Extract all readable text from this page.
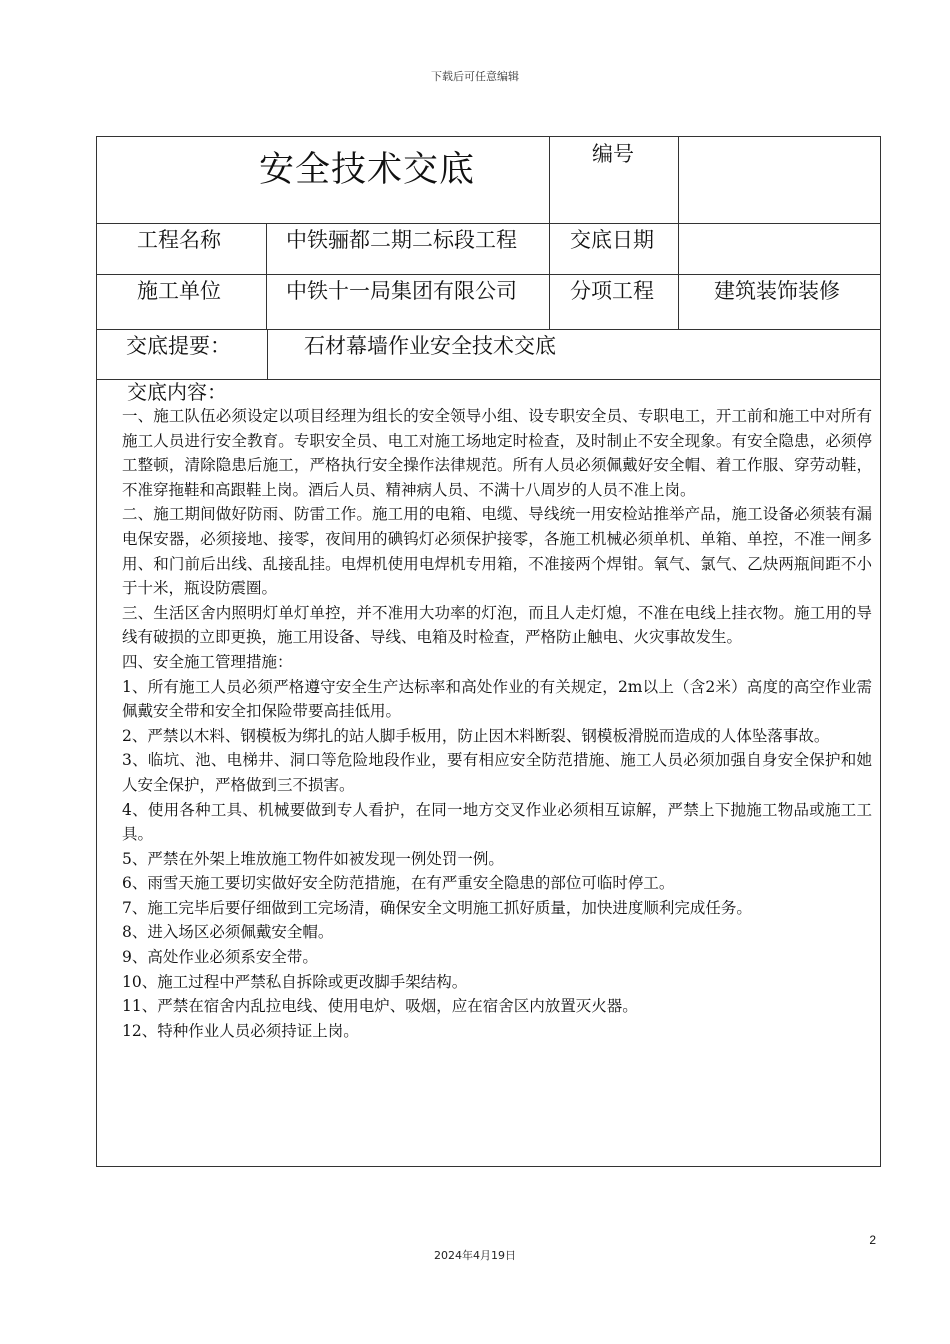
下载后可任意编辑
安全技术交底	编号
工程名称	中铁骊都二期二标段工程	交底日期
施工单位	中铁十一局集团有限公司	分项工程	建筑装饰装修
交底提要：	石材幕墙作业安全技术交底
交底内容：

一、施工队伍必须设定以项目经理为组长的安全领导小组、设专职安全员、专职电工，开工前和施工中对所有施工人员进行安全教育。专职安全员、电工对施工场地定时检查，及时制止不安全现象。有安全隐患，必须停工整顿，清除隐患后施工，严格执行安全操作法律规范。所有人员必须佩戴好安全帽、着工作服、穿劳动鞋，不准穿拖鞋和高跟鞋上岗。酒后人员、精神病人员、不满十八周岁的人员不准上岗。

二、施工期间做好防雨、防雷工作。施工用的电箱、电缆、导线统一用安检站推举产品，施工设备必须装有漏电保安器，必须接地、接零，夜间用的碘钨灯必须保护接零，各施工机械必须单机、单箱、单控，不准一闸多用、和门前后出线、乱接乱挂。电焊机使用电焊机专用箱，不准接两个焊钳。氧气、氯气、乙炔两瓶间距不小于十米，瓶设防震圈。

三、生活区舍内照明灯单灯单控，并不准用大功率的灯泡，而且人走灯熄，不准在电线上挂衣物。施工用的导线有破损的立即更换，施工用设备、导线、电箱及时检查，严格防止触电、火灾事故发生。

四、安全施工管理措施：

1、所有施工人员必须严格遵守安全生产达标率和高处作业的有关规定，2m以上（含2米）高度的高空作业需佩戴安全带和安全扣保险带要高挂低用。

2、严禁以木料、钢模板为绑扎的站人脚手板用，防止因木料断裂、钢模板滑脱而造成的人体坠落事故。

3、临坑、池、电梯井、洞口等危险地段作业，要有相应安全防范措施、施工人员必须加强自身安全保护和她人安全保护，严格做到三不损害。

4、使用各种工具、机械要做到专人看护，在同一地方交叉作业必须相互谅解，严禁上下抛施工物品或施工工具。

5、严禁在外架上堆放施工物件如被发现一例处罚一例。

6、雨雪天施工要切实做好安全防范措施，在有严重安全隐患的部位可临时停工。

7、施工完毕后要仔细做到工完场清，确保安全文明施工抓好质量，加快进度顺利完成任务。

8、进入场区必须佩戴安全帽。

9、高处作业必须系安全带。

10、施工过程中严禁私自拆除或更改脚手架结构。

11、严禁在宿舍内乱拉电线、使用电炉、吸烟，应在宿舍区内放置灭火器。

12、特种作业人员必须持证上岗。

2
2024年4月19日
